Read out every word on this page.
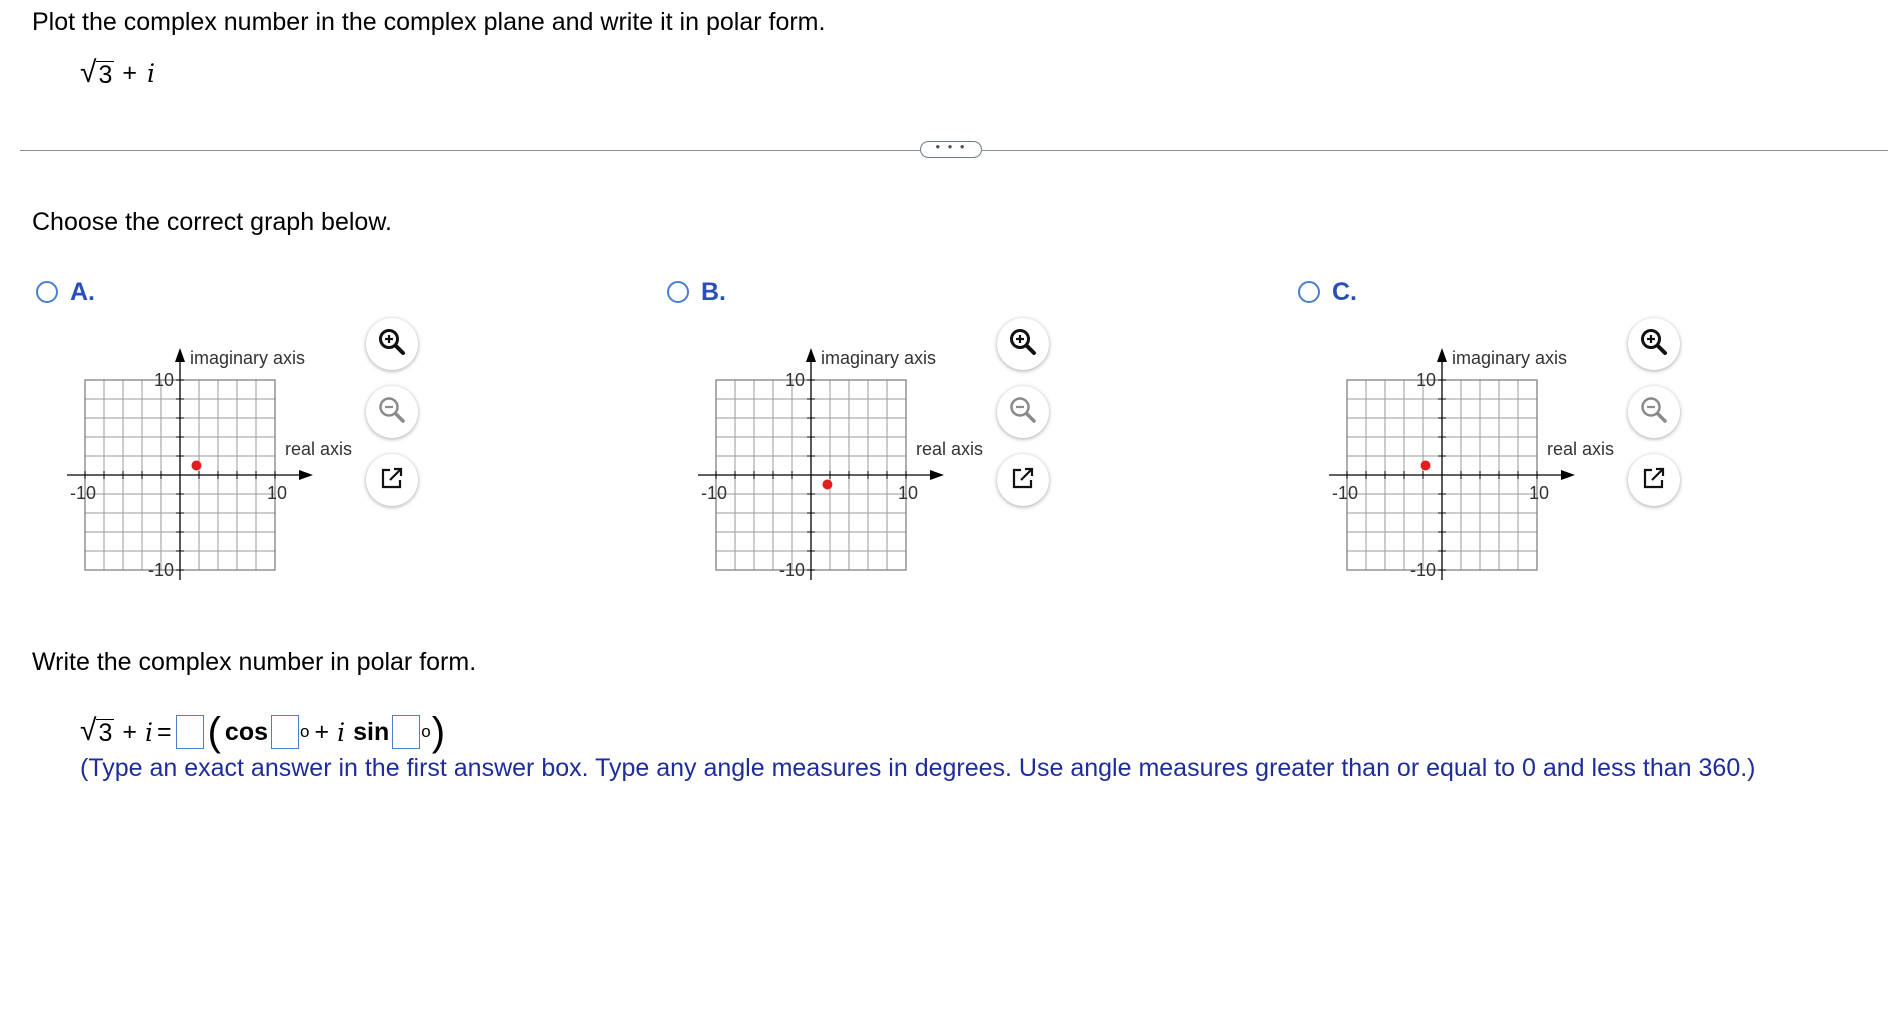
Plot the complex number in the complex plane and write it in polar form.
√ 3 + i
• • •
Choose the correct graph below.
A.
imaginary axis
real axis
10
-10
-10	10
B.
imaginary axis
real axis
10
-10
-10	10
C.
imaginary axis
real axis
10
-10
-10	10
Write the complex number in polar form.
√ 3 + i = ( cos o + i sin o )
(Type an exact answer in the first answer box. Type any angle measures in degrees. Use angle measures greater than or equal to 0 and less than 360.)
